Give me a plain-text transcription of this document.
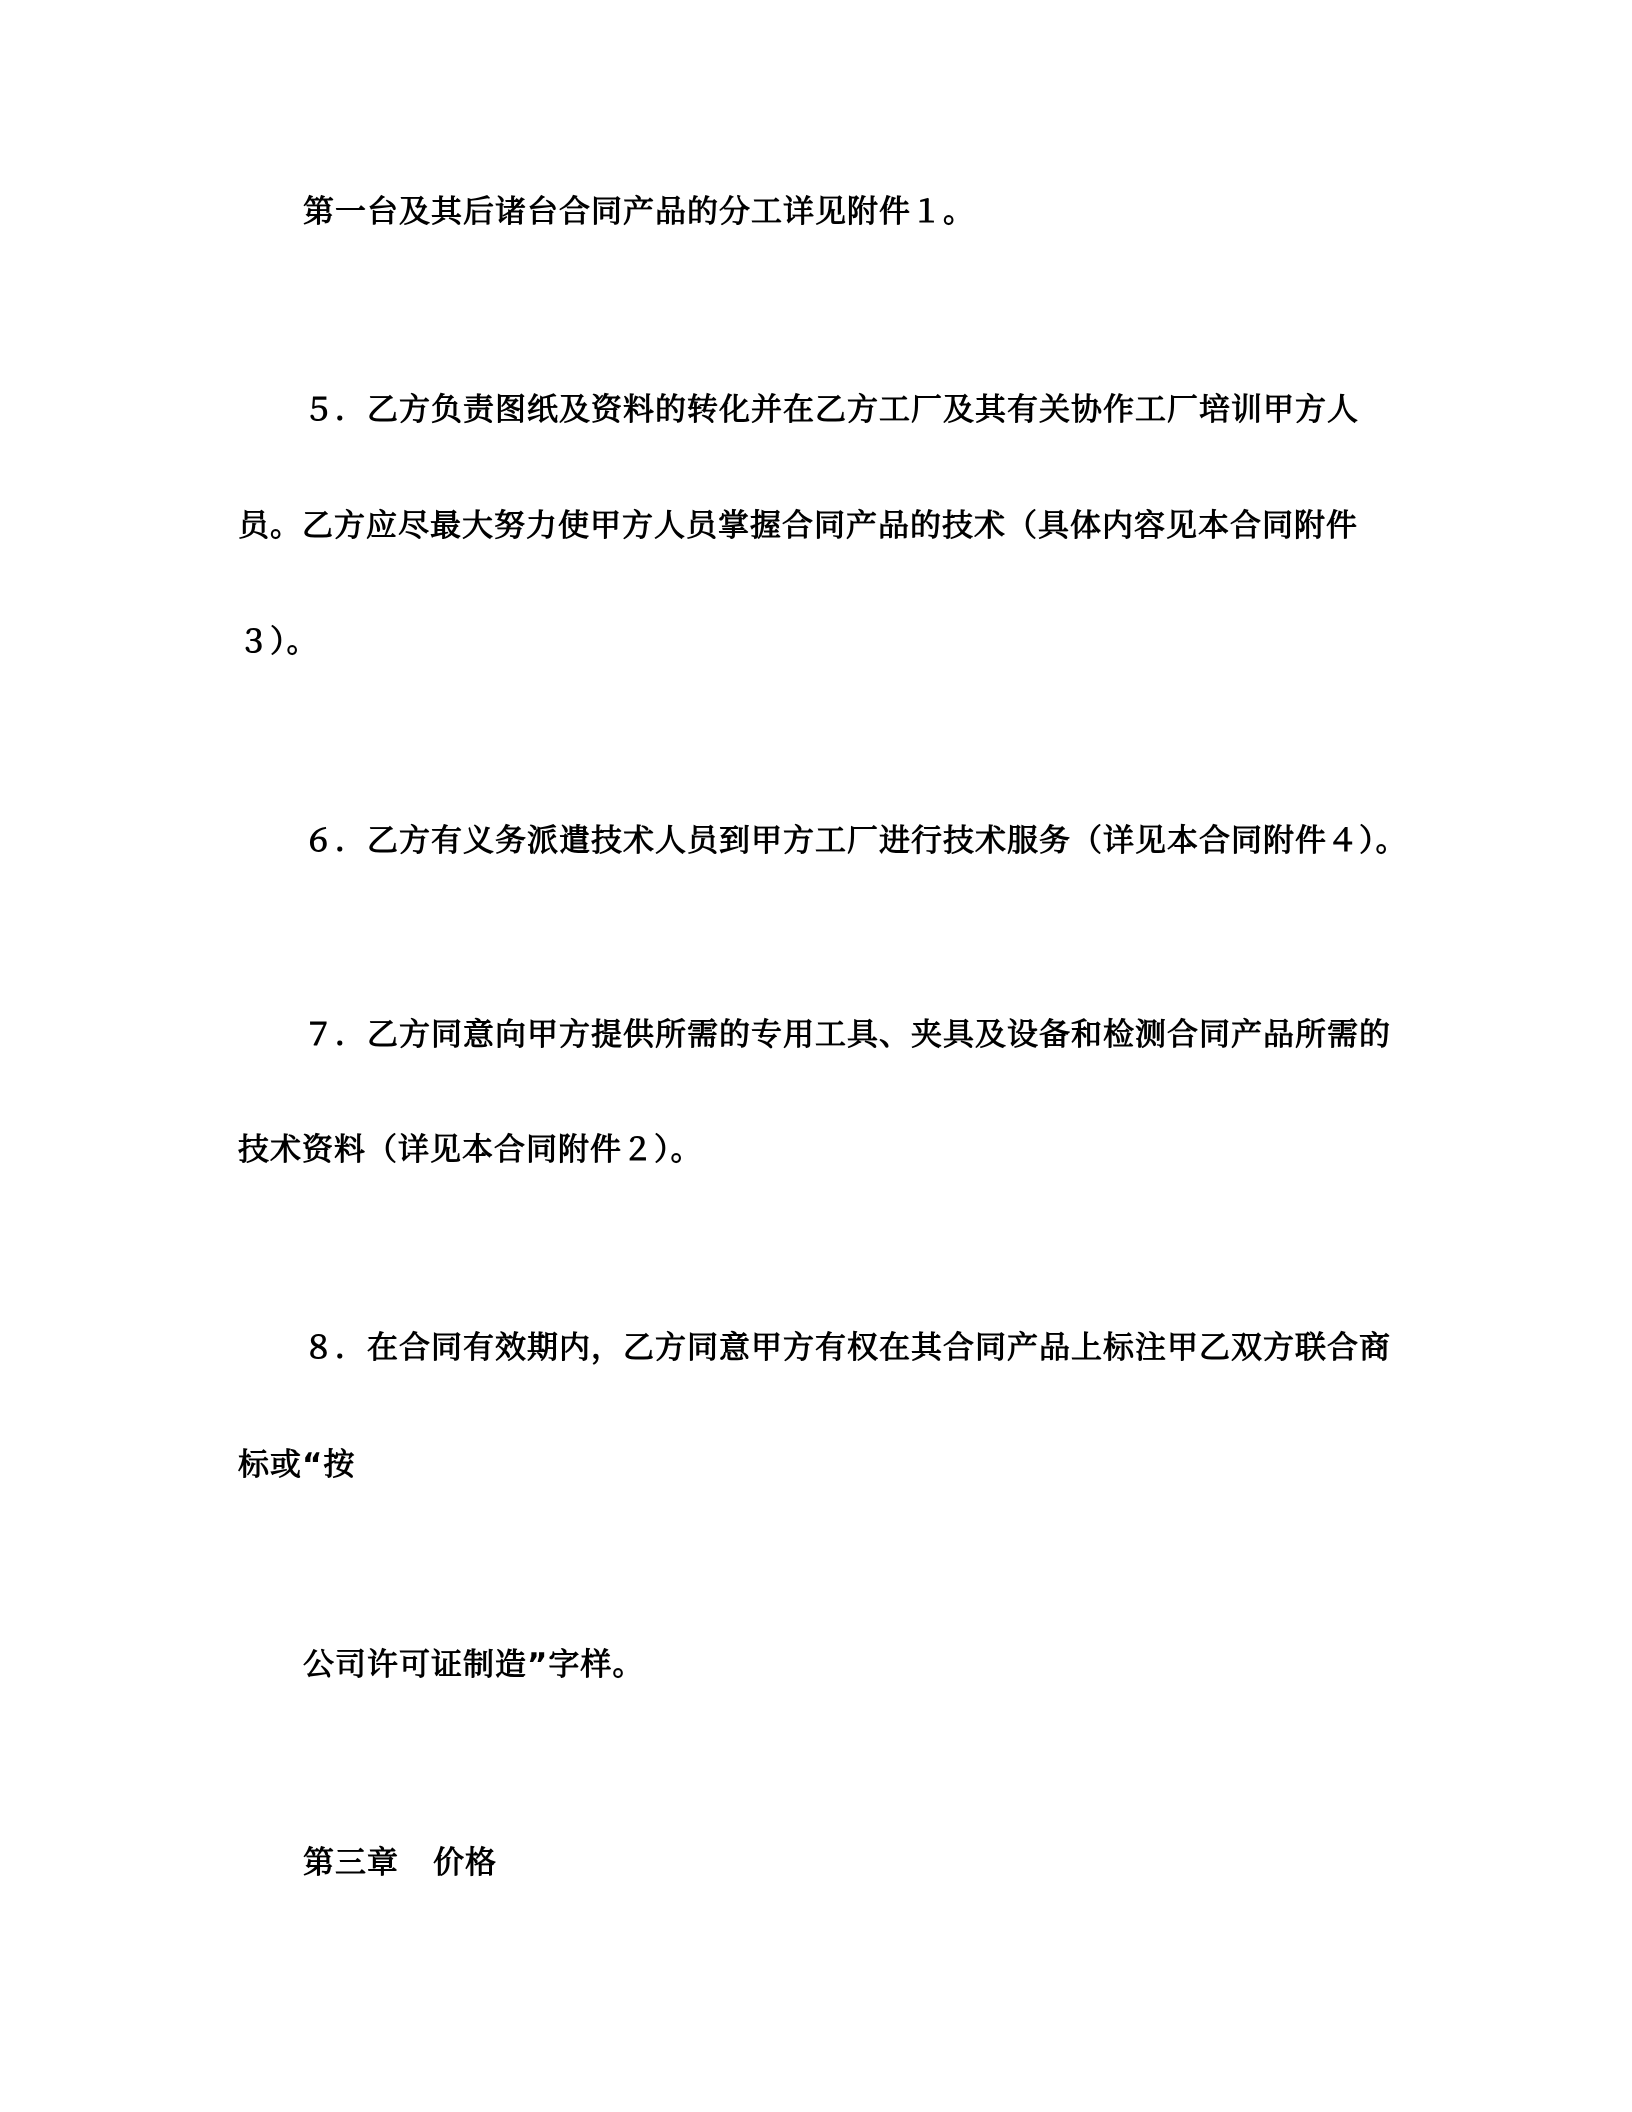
第一台及其后诸台合同产品的分工详见附件１。

５．乙方负责图纸及资料的转化并在乙方工厂及其有关协作工厂培训甲方人

员。乙方应尽最大努力使甲方人员掌握合同产品的技术（具体内容见本合同附件

３）。

６．乙方有义务派遣技术人员到甲方工厂进行技术服务（详见本合同附件４）。

７．乙方同意向甲方提供所需的专用工具、夹具及设备和检测合同产品所需的

技术资料（详见本合同附件２）。

８．在合同有效期内，乙方同意甲方有权在其合同产品上标注甲乙双方联合商

标或“按

公司许可证制造”字样。

第三章 价格
